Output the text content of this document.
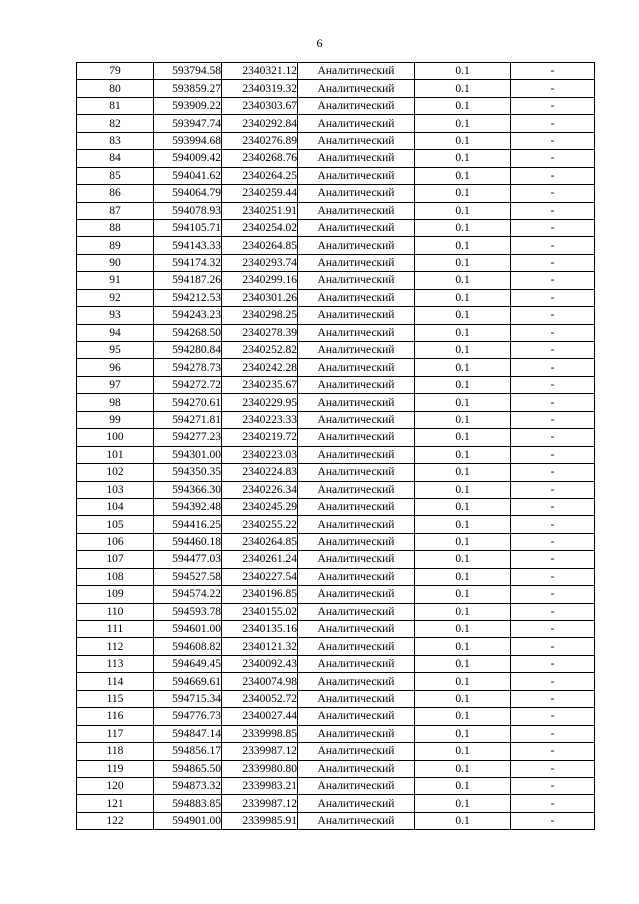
6
79	593794.58	2340321.12	Аналитический	0.1	-
80	593859.27	2340319.32	Аналитический	0.1	-
81	593909.22	2340303.67	Аналитический	0.1	-
82	593947.74	2340292.84	Аналитический	0.1	-
83	593994.68	2340276.89	Аналитический	0.1	-
84	594009.42	2340268.76	Аналитический	0.1	-
85	594041.62	2340264.25	Аналитический	0.1	-
86	594064.79	2340259.44	Аналитический	0.1	-
87	594078.93	2340251.91	Аналитический	0.1	-
88	594105.71	2340254.02	Аналитический	0.1	-
89	594143.33	2340264.85	Аналитический	0.1	-
90	594174.32	2340293.74	Аналитический	0.1	-
91	594187.26	2340299.16	Аналитический	0.1	-
92	594212.53	2340301.26	Аналитический	0.1	-
93	594243.23	2340298.25	Аналитический	0.1	-
94	594268.50	2340278.39	Аналитический	0.1	-
95	594280.84	2340252.82	Аналитический	0.1	-
96	594278.73	2340242.28	Аналитический	0.1	-
97	594272.72	2340235.67	Аналитический	0.1	-
98	594270.61	2340229.95	Аналитический	0.1	-
99	594271.81	2340223.33	Аналитический	0.1	-
100	594277.23	2340219.72	Аналитический	0.1	-
101	594301.00	2340223.03	Аналитический	0.1	-
102	594350.35	2340224.83	Аналитический	0.1	-
103	594366.30	2340226.34	Аналитический	0.1	-
104	594392.48	2340245.29	Аналитический	0.1	-
105	594416.25	2340255.22	Аналитический	0.1	-
106	594460.18	2340264.85	Аналитический	0.1	-
107	594477.03	2340261.24	Аналитический	0.1	-
108	594527.58	2340227.54	Аналитический	0.1	-
109	594574.22	2340196.85	Аналитический	0.1	-
110	594593.78	2340155.02	Аналитический	0.1	-
111	594601.00	2340135.16	Аналитический	0.1	-
112	594608.82	2340121.32	Аналитический	0.1	-
113	594649.45	2340092.43	Аналитический	0.1	-
114	594669.61	2340074.98	Аналитический	0.1	-
115	594715.34	2340052.72	Аналитический	0.1	-
116	594776.73	2340027.44	Аналитический	0.1	-
117	594847.14	2339998.85	Аналитический	0.1	-
118	594856.17	2339987.12	Аналитический	0.1	-
119	594865.50	2339980.80	Аналитический	0.1	-
120	594873.32	2339983.21	Аналитический	0.1	-
121	594883.85	2339987.12	Аналитический	0.1	-
122	594901.00	2339985.91	Аналитический	0.1	-
